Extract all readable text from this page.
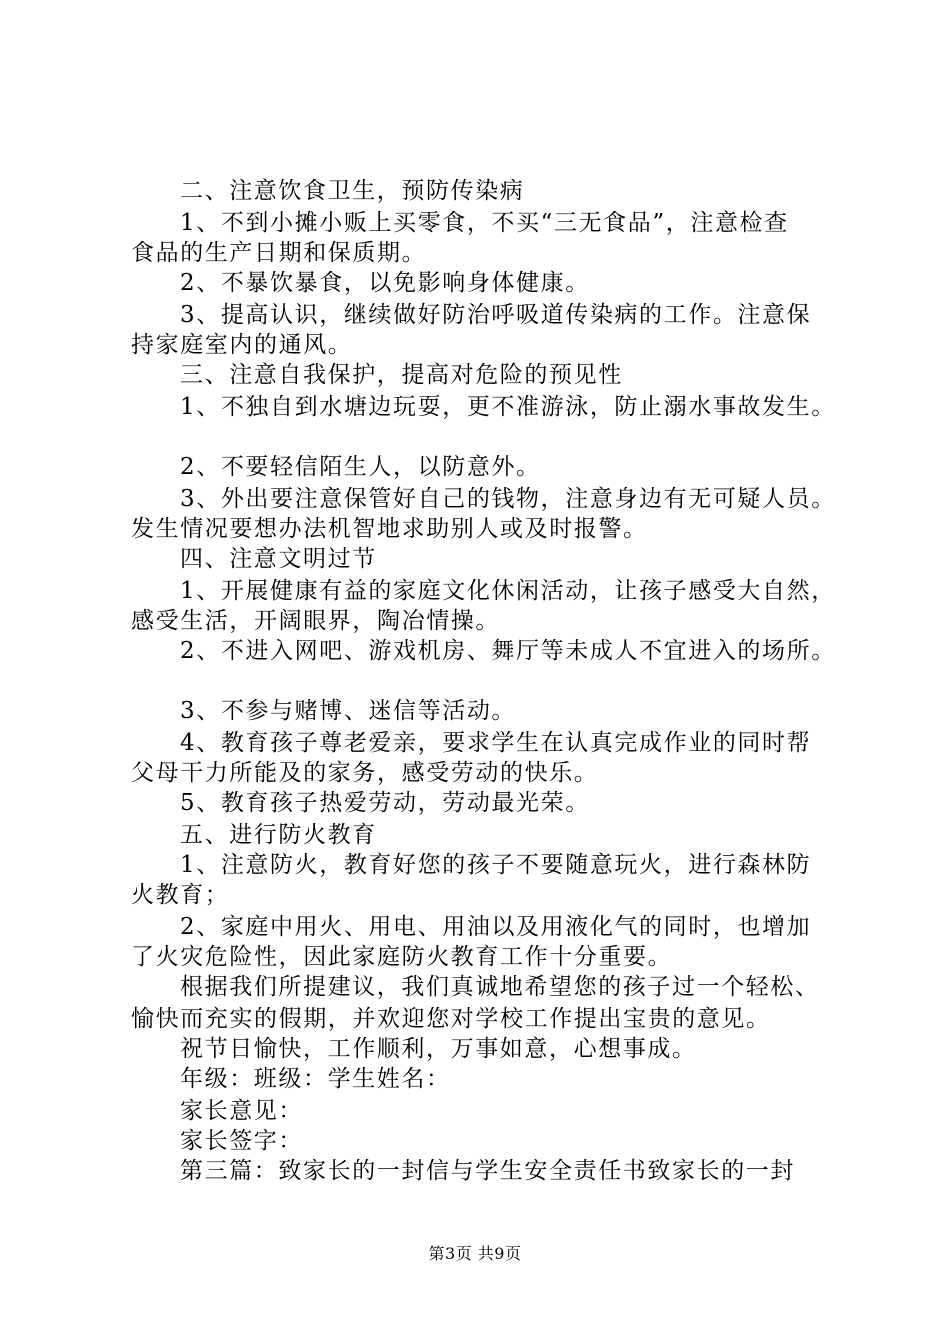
二、注意饮食卫生，预防传染病
1、不到小摊小贩上买零食，不买“三无食品”，注意检查
食品的生产日期和保质期。
2、不暴饮暴食，以免影响身体健康。
3、提高认识，继续做好防治呼吸道传染病的工作。注意保
持家庭室内的通风。
三、注意自我保护，提高对危险的预见性
1、不独自到水塘边玩耍，更不准游泳，防止溺水事故发生。
2、不要轻信陌生人，以防意外。
3、外出要注意保管好自己的钱物，注意身边有无可疑人员。
发生情况要想办法机智地求助别人或及时报警。
四、注意文明过节
1、开展健康有益的家庭文化休闲活动，让孩子感受大自然，
感受生活，开阔眼界，陶冶情操。
2、不进入网吧、游戏机房、舞厅等未成人不宜进入的场所。
3、不参与赌博、迷信等活动。
4、教育孩子尊老爱亲，要求学生在认真完成作业的同时帮
父母干力所能及的家务，感受劳动的快乐。
5、教育孩子热爱劳动，劳动最光荣。
五、进行防火教育
1、注意防火，教育好您的孩子不要随意玩火，进行森林防
火教育；
2、家庭中用火、用电、用油以及用液化气的同时，也增加
了火灾危险性，因此家庭防火教育工作十分重要。
根据我们所提建议，我们真诚地希望您的孩子过一个轻松、
愉快而充实的假期，并欢迎您对学校工作提出宝贵的意见。
祝节日愉快，工作顺利，万事如意，心想事成。
年级：班级：学生姓名：
家长意见：
家长签字：
第三篇：致家长的一封信与学生安全责任书致家长的一封
第3页 共9页
